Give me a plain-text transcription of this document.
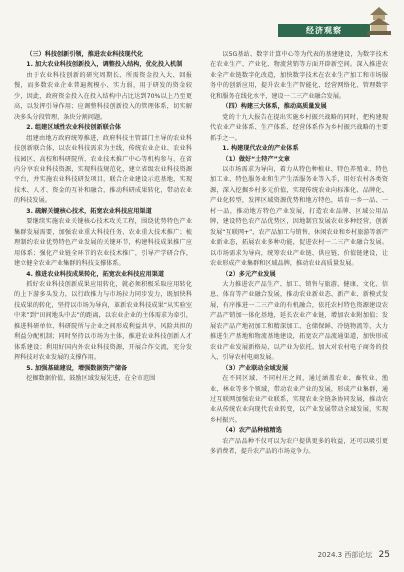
经济观察

（三）科技创新引领，推进农业科技现代化

1. 加大农业科技创新投入，调整投入结构，优化投入机制

由于农业科技创新的研究周期长、所需资金投入大、回报慢，而多数农业企业普遍规模小、实力弱，用于研发的资金较少，因此，政府资金投入在投入结构中占比达到70%以上乃至更高，以发挥引导作用；应调整科技创新投入的管理体系，切实解决多头分段管理、条块分割问题。

2. 组建区域性农业科技创新联合体

组建由地方政府统筹推进，政府科技主管部门主导的农业科技创新联合体，以农业科技需求为主线，传统农业企业、农业科技园区、高校和科研院所、农业技术推广中心等机构参与，在省内分享农业科技资源，实现科技规范化，建立省级农业科技资源平台，并实施农业科技研发项目，联合企业建设示范基地，实现技术、人才、资金的互补和融合，推动科研成果转化，带动农业的科技发展。

3. 疏解关键核心技术，拓宽农业科技应用渠道

要继续实施农业关键核心技术攻关工程，围绕优势特色产业集群发展需要，加强农业重大科技任务、农业重大技术推广；梳理制约农业优势特色产业发展的关键环节，构建科技成果推广应用体系；强化产业链全环节的农业技术推广，引导产学研合作，建立健全农业产业集群的科技支撑体系。

4. 推进农业科技成果转化，拓宽农业科技应用渠道

抓好农业科技创新成果应用转化，就必须积极采取应用转化的上下游多头发力，以行政推力与市场拉力同步发力，既加快科技成果的转化，坚持以市场为导向，革新农业科技成果“从实验室中来”到“田间地头中去”的距离，以农业企业的主体需求为牵引，推进科研单位、科研院所与企业之间形成利益共享、风险共担的利益分配机制；同时坚持以市场为主体，推进农业科技创新人才体系建设；利用好国内外农业科技资源，开展合作交流，充分发挥科技对农业发展的支撑作用。

5. 加强基础建设，增强数据资产储备

挖掘数据价值，鼓励区域发展先进，在全市范围

以5G基站、数字计算中心等为代表的基建建设，为数字技术在农业生产、产业化、物流营销等方面开辟新空间。深入推进农业全产业链数字化改造，加快数字技术在农业生产加工和市场服务中的创新应用，提升农业生产智能化、经营网络化、管理数字化和服务在线化水平，建设一二三产业融合发展。

（四）构建三大体系，推动高质量发展

党的十九大报告在提出实施乡村振兴战略的同时，把构建现代农业产业体系、生产体系、经营体系作为乡村振兴战略的主要抓手之一。

1. 构建现代农业的产业体系

（1）做好“土特产”文章

以市场需求为导向，着力从特色种植业、特色养殖业、特色加工业、特色服务业和生产生活服务业等入手，用好农村各类资源，深入挖掘乡村多元价值，实现传统农业向标准化、品牌化、产业化转型，发挥区域资源优势和地方特色，培育一乡一品、一村一品，推动地方特色产业发展，打造农业品牌、区域公用品牌，建设特色农产品优势区，因地制宜发展农业多种经营，创新发展“互联网+”、农产品加工与销售、休闲农业和乡村旅游等新产业新业态，拓展农业多种功能，促进农村一二三产业融合发展。以市场需求为导向，统筹农业产业链、供应链、价值链建设，让农业形成产业集群和区域品牌，推动农业高质量发展。

（2）多元产业发展

大力推进农产品生产、加工、销售与旅游、健康、文化、信息、体育等产业融合发展，推动农业新业态、新产业、新模式发展，有序推进一二三产业的有机融合，依托农村特色资源建设农产品产销加一体化基地，延长农业产业链，增加农业附加值；发展农产品产地初加工和精深加工、仓储保鲜、冷链物流等，大力推进生产基地和物流基地建设，拓宽农产品流通渠道，加快形成农业产业发展新格局，以产业为依托、加大对农村电子商务的投入，引导农村电商发展。

（3）产业联动全域发展

在不同区域、不同村庄之间，通过涵盖农业、畜牧业、渔业、林业等多个领域，带动农业产业的发展，形成产业集群，通过互联网加强农业产业联系，实现农业全链条协同发展，推动农业从传统农业向现代农业转变，以产业发展带动全域发展，实现乡村振兴。

（4）农产品种植精选

农产品品种不仅可以为农户提供更多的收益，还可以吸引更多消费者，提升农产品的市场竞争力。

2024.3 西部论坛 25
